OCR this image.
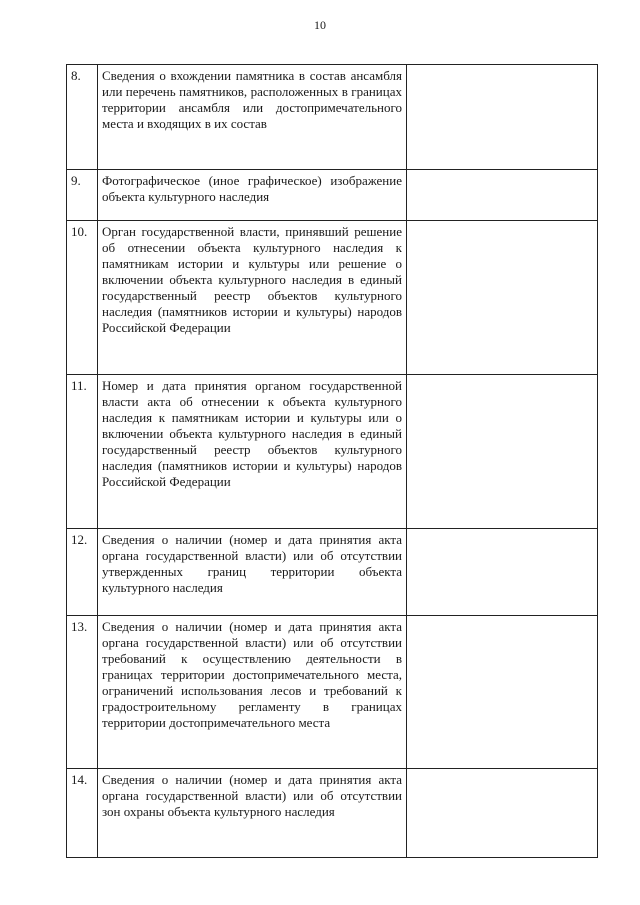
10
8.	Сведения о вхождении памятника в состав ансамбля или перечень памятников, расположенных в границах территории ансамбля или достопримечательного места и входящих в их состав	
9.	Фотографическое (иное графическое) изображение объекта культурного наследия	
10.	Орган государственной власти, принявший решение об отнесении объекта культурного наследия к памятникам истории и культуры или решение о включении объекта культурного наследия в единый государственный реестр объектов культурного наследия (памятников истории и культуры) народов Российской Федерации	
11.	Номер и дата принятия органом государственной власти акта об отнесении к объекта культурного наследия к памятникам истории и культуры или о включении объекта культурного наследия в единый государственный реестр объектов культурного наследия (памятников истории и культуры) народов Российской Федерации	
12.	Сведения о наличии (номер и дата принятия акта органа государственной власти) или об отсутствии утвержденных границ территории объекта культурного наследия	
13.	Сведения о наличии (номер и дата принятия акта органа государственной власти) или об отсутствии требований к осуществлению деятельности в границах территории достопримечательного места, ограничений использования лесов и требований к градостроительному регламенту в границах территории достопримечательного места	
14.	Сведения о наличии (номер и дата принятия акта органа государственной власти) или об отсутствии зон охраны объекта культурного наследия	
